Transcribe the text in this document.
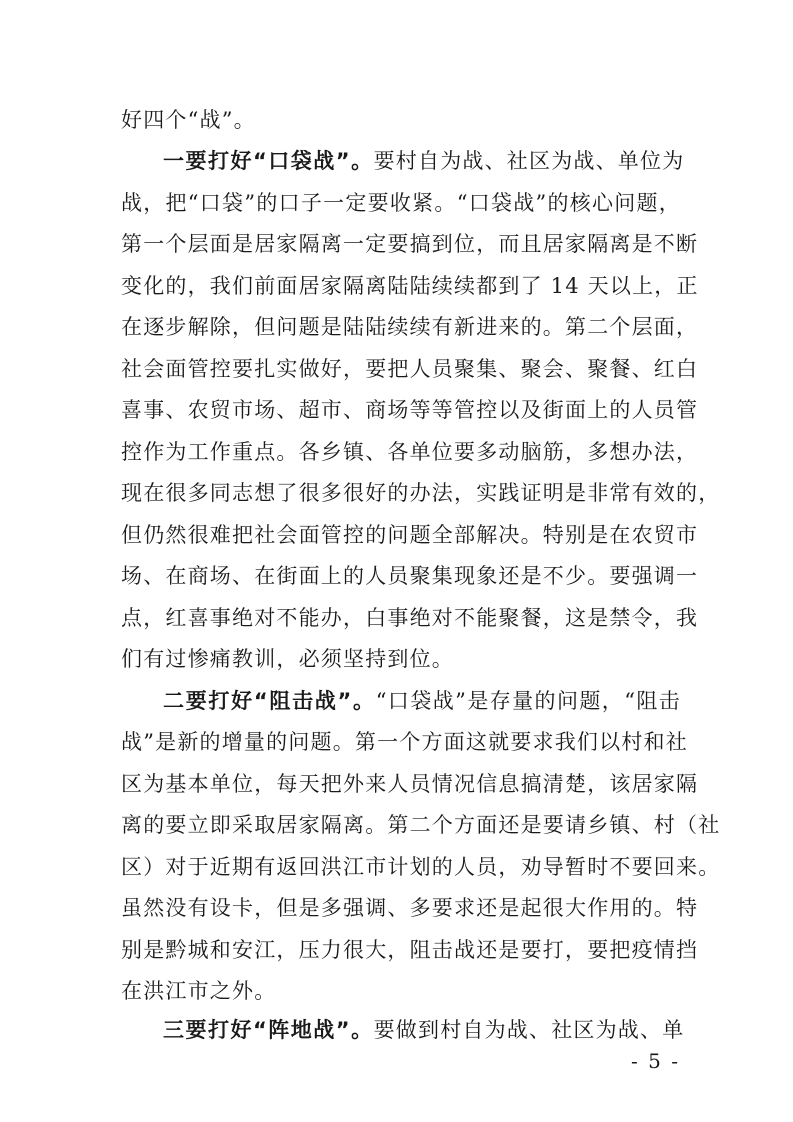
好四个“战”。
一要打好“口袋战”。要村自为战、社区为战、单位为
战，把“口袋”的口子一定要收紧。“口袋战”的核心问题，
第一个层面是居家隔离一定要搞到位，而且居家隔离是不断
变化的，我们前面居家隔离陆陆续续都到了 14 天以上，正
在逐步解除，但问题是陆陆续续有新进来的。第二个层面，
社会面管控要扎实做好，要把人员聚集、聚会、聚餐、红白
喜事、农贸市场、超市、商场等等管控以及街面上的人员管
控作为工作重点。各乡镇、各单位要多动脑筋，多想办法，
现在很多同志想了很多很好的办法，实践证明是非常有效的，
但仍然很难把社会面管控的问题全部解决。特别是在农贸市
场、在商场、在街面上的人员聚集现象还是不少。要强调一
点，红喜事绝对不能办，白事绝对不能聚餐，这是禁令，我
们有过惨痛教训，必须坚持到位。
二要打好“阻击战”。“口袋战”是存量的问题，“阻击
战”是新的增量的问题。第一个方面这就要求我们以村和社
区为基本单位，每天把外来人员情况信息搞清楚，该居家隔
离的要立即采取居家隔离。第二个方面还是要请乡镇、村（社
区）对于近期有返回洪江市计划的人员，劝导暂时不要回来。
虽然没有设卡，但是多强调、多要求还是起很大作用的。特
别是黔城和安江，压力很大，阻击战还是要打，要把疫情挡
在洪江市之外。
三要打好“阵地战”。要做到村自为战、社区为战、单
- 5 -
